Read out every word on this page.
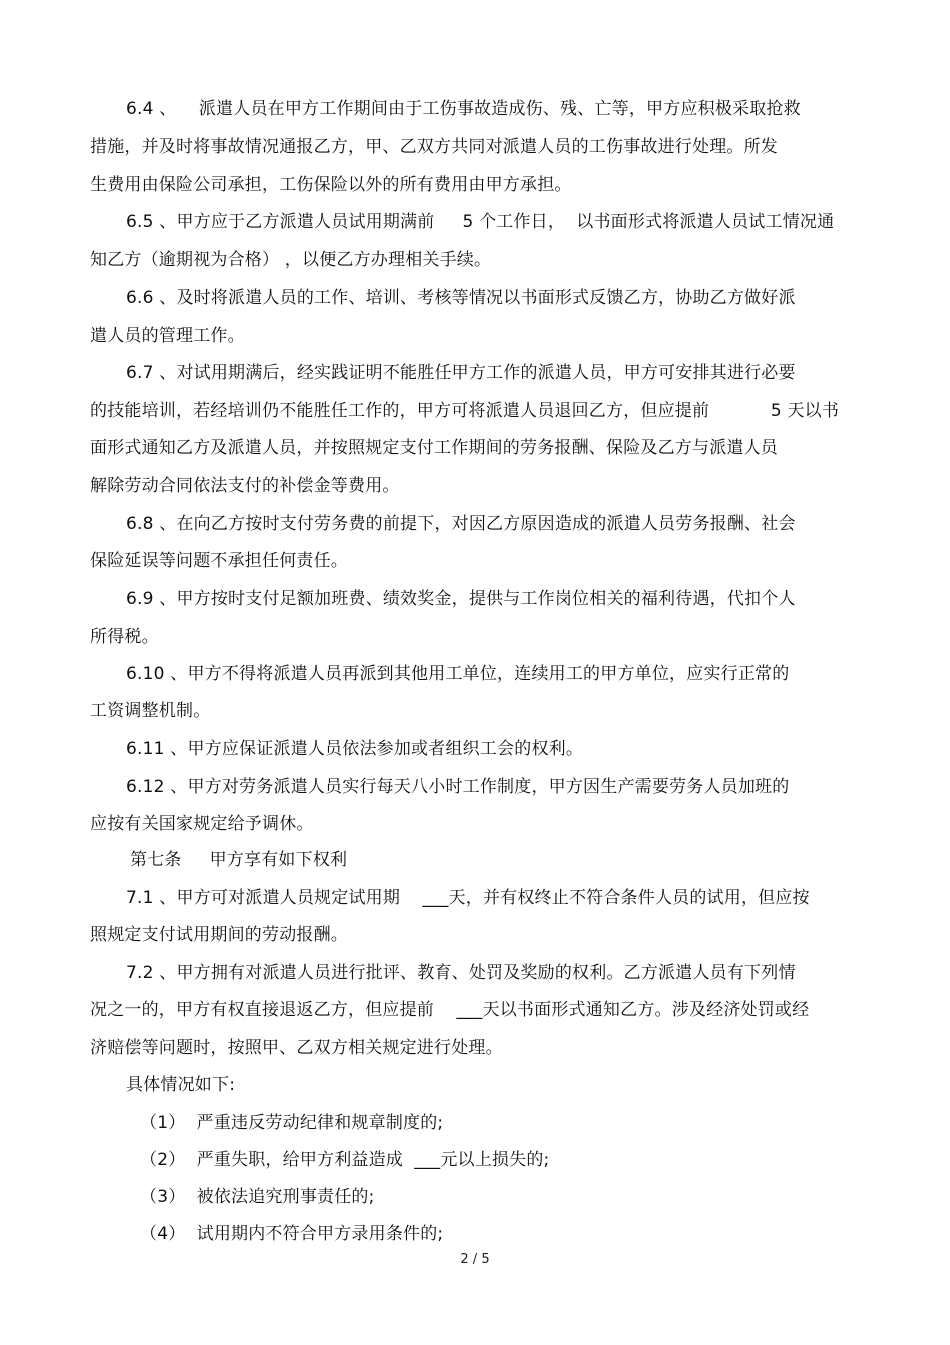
6.4 、    派遣人员在甲方工作期间由于工伤事故造成伤、残、亡等，甲方应积极采取抢救
措施，并及时将事故情况通报乙方，甲、乙双方共同对派遣人员的工伤事故进行处理。所发
生费用由保险公司承担，工伤保险以外的所有费用由甲方承担。
6.5 、甲方应于乙方派遣人员试用期满前     5 个工作日，  以书面形式将派遣人员试工情况通
知乙方（逾期视为合格） ，以便乙方办理相关手续。
6.6 、及时将派遣人员的工作、培训、考核等情况以书面形式反馈乙方，协助乙方做好派
遣人员的管理工作。
6.7 、对试用期满后，经实践证明不能胜任甲方工作的派遣人员，甲方可安排其进行必要
的技能培训，若经培训仍不能胜任工作的，甲方可将派遣人员退回乙方，但应提前           5 天以书
面形式通知乙方及派遣人员，并按照规定支付工作期间的劳务报酬、保险及乙方与派遣人员
解除劳动合同依法支付的补偿金等费用。
6.8 、在向乙方按时支付劳务费的前提下，对因乙方原因造成的派遣人员劳务报酬、社会
保险延误等问题不承担任何责任。
6.9 、甲方按时支付足额加班费、绩效奖金，提供与工作岗位相关的福利待遇，代扣个人
所得税。
6.10 、甲方不得将派遣人员再派到其他用工单位，连续用工的甲方单位，应实行正常的
工资调整机制。
6.11 、甲方应保证派遣人员依法参加或者组织工会的权利。
6.12 、甲方对劳务派遣人员实行每天八小时工作制度，甲方因生产需要劳务人员加班的
应按有关国家规定给予调休。
第七条     甲方享有如下权利
7.1 、甲方可对派遣人员规定试用期    ___天，并有权终止不符合条件人员的试用，但应按
照规定支付试用期间的劳动报酬。
7.2 、甲方拥有对派遣人员进行批评、教育、处罚及奖励的权利。乙方派遣人员有下列情
况之一的，甲方有权直接退返乙方，但应提前    ___天以书面形式通知乙方。涉及经济处罚或经
济赔偿等问题时，按照甲、乙双方相关规定进行处理。
具体情况如下:
（1）  严重违反劳动纪律和规章制度的;
（2）  严重失职，给甲方利益造成  ___元以上损失的;
（3）  被依法追究刑事责任的;
（4）  试用期内不符合甲方录用条件的;
2 / 5
